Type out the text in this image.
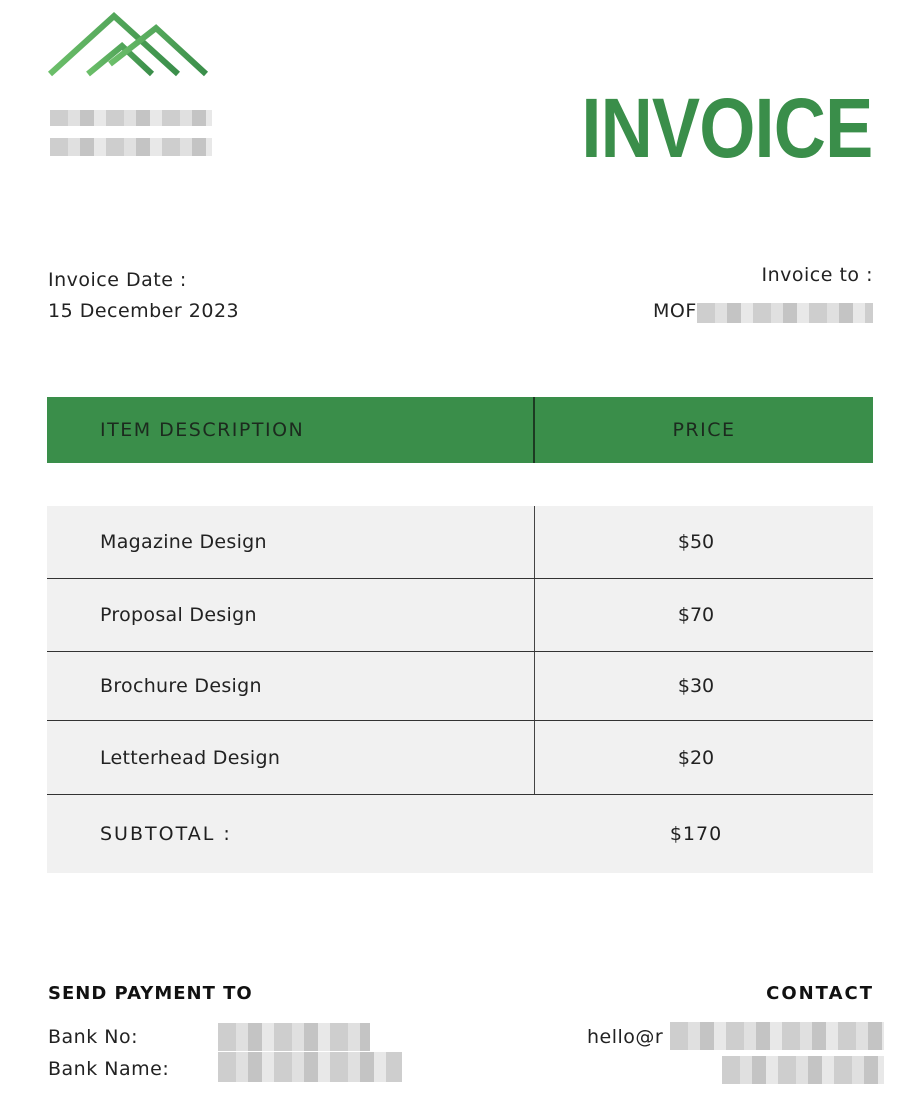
INVOICE
Invoice Date :
15 December 2023
Invoice to :
MOF
ITEM DESCRIPTION	PRICE
Magazine Design	$50
Proposal Design	$70
Brochure Design	$30
Letterhead Design	$20
SUBTOTAL :	$170
SEND PAYMENT TO
Bank No:
Bank Name:
CONTACT
hello@r
